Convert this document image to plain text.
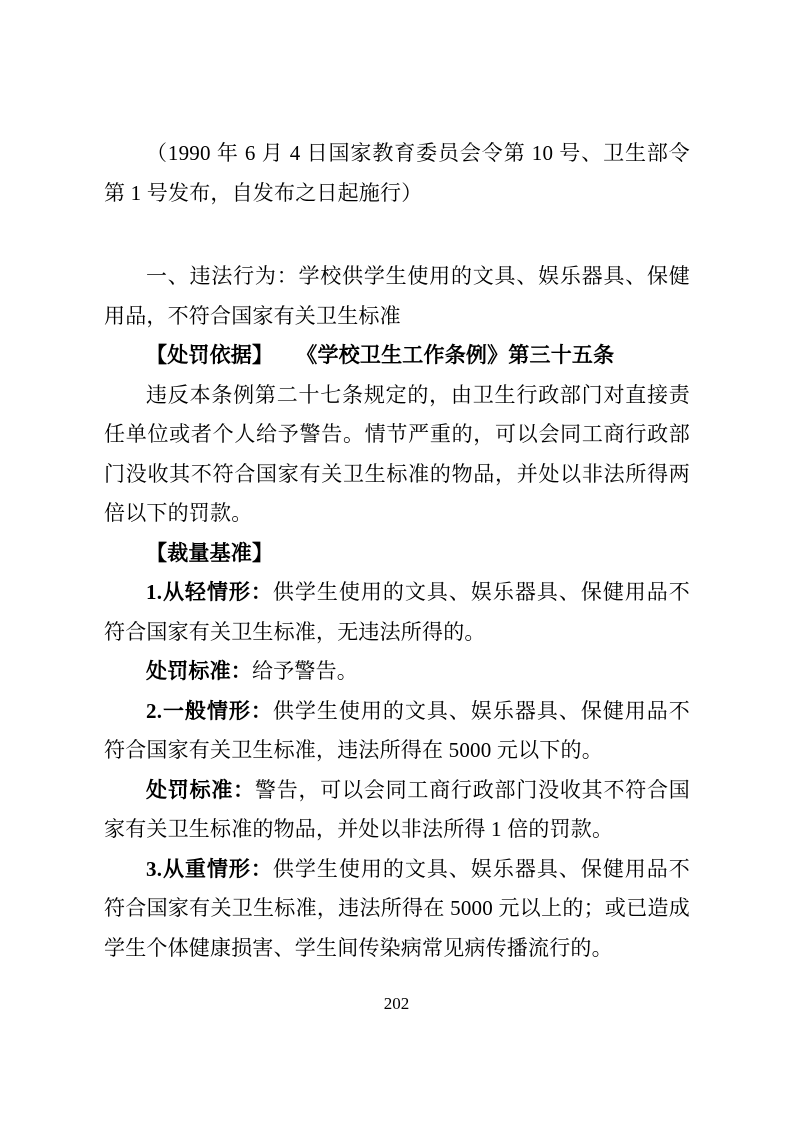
（1990 年 6 月 4 日国家教育委员会令第 10 号、卫生部令第 1 号发布，自发布之日起施行）

一、违法行为：学校供学生使用的文具、娱乐器具、保健用品，不符合国家有关卫生标准

【处罚依据】 《学校卫生工作条例》第三十五条

违反本条例第二十七条规定的，由卫生行政部门对直接责任单位或者个人给予警告。情节严重的，可以会同工商行政部门没收其不符合国家有关卫生标准的物品，并处以非法所得两倍以下的罚款。

【裁量基准】

1.从轻情形：供学生使用的文具、娱乐器具、保健用品不符合国家有关卫生标准，无违法所得的。

处罚标准：给予警告。

2.一般情形：供学生使用的文具、娱乐器具、保健用品不符合国家有关卫生标准，违法所得在 5000 元以下的。

处罚标准：警告，可以会同工商行政部门没收其不符合国家有关卫生标准的物品，并处以非法所得 1 倍的罚款。

3.从重情形：供学生使用的文具、娱乐器具、保健用品不符合国家有关卫生标准，违法所得在 5000 元以上的；或已造成学生个体健康损害、学生间传染病常见病传播流行的。

202
